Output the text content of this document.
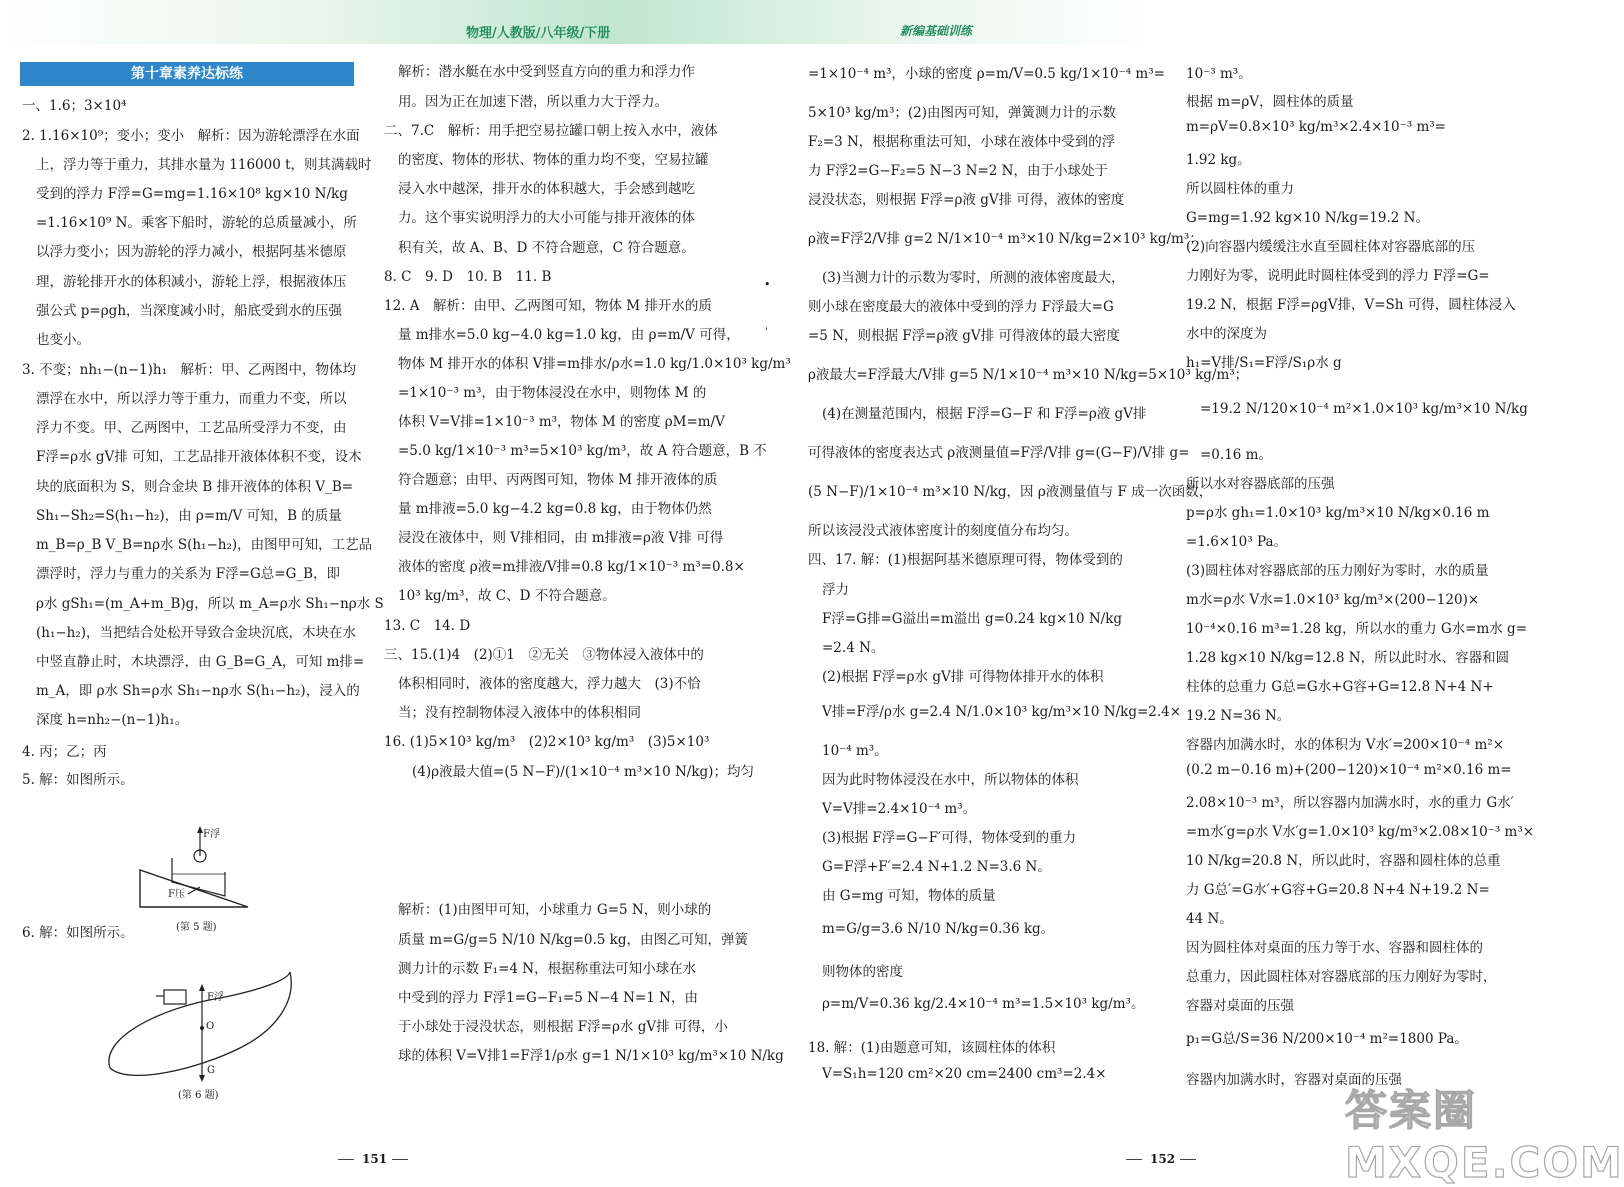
物理/人教版/八年级/下册	新编基础训练
第十章素养达标练

一、1.6；3×10⁴

2. 1.16×10⁹；变小；变小　解析：因为游轮漂浮在水面

上，浮力等于重力，其排水量为 116000 t，则其满载时

受到的浮力 F浮=G=mg=1.16×10⁸ kg×10 N/kg

=1.16×10⁹ N。乘客下船时，游轮的总质量减小，所

以浮力变小；因为游轮的浮力减小，根据阿基米德原

理，游轮排开水的体积减小，游轮上浮，根据液体压

强公式 p=ρgh，当深度减小时，船底受到水的压强

也变小。

3. 不变；nh₁−(n−1)h₁　解析：甲、乙两图中，物体均

漂浮在水中，所以浮力等于重力，而重力不变，所以

浮力不变。甲、乙两图中，工艺品所受浮力不变，由

F浮=ρ水 gV排 可知，工艺品排开液体体积不变，设木

块的底面积为 S，则合金块 B 排开液体的体积 V_B=

Sh₁−Sh₂=S(h₁−h₂)，由 ρ=m/V 可知，B 的质量

m_B=ρ_B V_B=nρ水 S(h₁−h₂)，由图甲可知，工艺品

漂浮时，浮力与重力的关系为 F浮=G总=G_B，即

ρ水 gSh₁=(m_A+m_B)g，所以 m_A=ρ水 Sh₁−nρ水 S

(h₁−h₂)，当把结合处松开导致合金块沉底，木块在水

中竖直静止时，木块漂浮，由 G_B=G_A，可知 m排=

m_A，即 ρ水 Sh=ρ水 Sh₁−nρ水 S(h₁−h₂)，浸入的

深度 h=nh₂−(n−1)h₁。

4. 丙；乙；丙

5. 解：如图所示。

6. 解：如图所示。

解析：潜水艇在水中受到竖直方向的重力和浮力作

用。因为正在加速下潜，所以重力大于浮力。

二、7.C　解析：用手把空易拉罐口朝上按入水中，液体

的密度、物体的形状、物体的重力均不变，空易拉罐

浸入水中越深，排开水的体积越大，手会感到越吃

力。这个事实说明浮力的大小可能与排开液体的体

积有关，故 A、B、D 不符合题意，C 符合题意。

8. C　9. D　10. B　11. B

12. A　解析：由甲、乙两图可知，物体 M 排开水的质

量 m排水=5.0 kg−4.0 kg=1.0 kg，由 ρ=m/V 可得，

物体 M 排开水的体积 V排=m排水/ρ水=1.0 kg/1.0×10³ kg/m³

=1×10⁻³ m³，由于物体浸没在水中，则物体 M 的

体积 V=V排=1×10⁻³ m³，物体 M 的密度 ρM=m/V

=5.0 kg/1×10⁻³ m³=5×10³ kg/m³，故 A 符合题意，B 不

符合题意；由甲、丙两图可知，物体 M 排开液体的质

量 m排液=5.0 kg−4.2 kg=0.8 kg，由于物体仍然

浸没在液体中，则 V排相同，由 m排液=ρ液 V排 可得

液体的密度 ρ液=m排液/V排=0.8 kg/1×10⁻³ m³=0.8×

10³ kg/m³，故 C、D 不符合题意。

13. C　14. D

三、15.(1)4　(2)①1　②无关　③物体浸入液体中的

体积相同时，液体的密度越大，浮力越大　(3)不恰

当；没有控制物体浸入液体中的体积相同

16. (1)5×10³ kg/m³　(2)2×10³ kg/m³　(3)5×10³

(4)ρ液最大值=(5 N−F)/(1×10⁻⁴ m³×10 N/kg)；均匀

解析：(1)由图甲可知，小球重力 G=5 N，则小球的

质量 m=G/g=5 N/10 N/kg=0.5 kg，由图乙可知，弹簧

测力计的示数 F₁=4 N，根据称重法可知小球在水

中受到的浮力 F浮1=G−F₁=5 N−4 N=1 N，由

于小球处于浸没状态，则根据 F浮=ρ水 gV排 可得，小

球的体积 V=V排1=F浮1/ρ水 g=1 N/1×10³ kg/m³×10 N/kg

=1×10⁻⁴ m³，小球的密度 ρ=m/V=0.5 kg/1×10⁻⁴ m³=

5×10³ kg/m³；(2)由图丙可知，弹簧测力计的示数

F₂=3 N，根据称重法可知，小球在液体中受到的浮

力 F浮2=G−F₂=5 N−3 N=2 N，由于小球处于

浸没状态，则根据 F浮=ρ液 gV排 可得，液体的密度

ρ液=F浮2/V排 g=2 N/1×10⁻⁴ m³×10 N/kg=2×10³ kg/m³；

(3)当测力计的示数为零时，所测的液体密度最大，

则小球在密度最大的液体中受到的浮力 F浮最大=G

=5 N，则根据 F浮=ρ液 gV排 可得液体的最大密度

ρ液最大=F浮最大/V排 g=5 N/1×10⁻⁴ m³×10 N/kg=5×10³ kg/m³；

(4)在测量范围内，根据 F浮=G−F 和 F浮=ρ液 gV排

可得液体的密度表达式 ρ液测量值=F浮/V排 g=(G−F)/V排 g=

(5 N−F)/1×10⁻⁴ m³×10 N/kg，因 ρ液测量值与 F 成一次函数，

所以该浸没式液体密度计的刻度值分布均匀。

四、17. 解：(1)根据阿基米德原理可得，物体受到的

浮力

F浮=G排=G溢出=m溢出 g=0.24 kg×10 N/kg

=2.4 N。

(2)根据 F浮=ρ水 gV排 可得物体排开水的体积

V排=F浮/ρ水 g=2.4 N/1.0×10³ kg/m³×10 N/kg=2.4×

10⁻⁴ m³。

因为此时物体浸没在水中，所以物体的体积

V=V排=2.4×10⁻⁴ m³。

(3)根据 F浮=G−F′可得，物体受到的重力

G=F浮+F′=2.4 N+1.2 N=3.6 N。

由 G=mg 可知，物体的质量

m=G/g=3.6 N/10 N/kg=0.36 kg。

则物体的密度

ρ=m/V=0.36 kg/2.4×10⁻⁴ m³=1.5×10³ kg/m³。

18. 解：(1)由题意可知，该圆柱体的体积

V=S₁h=120 cm²×20 cm=2400 cm³=2.4×

10⁻³ m³。

根据 m=ρV，圆柱体的质量

m=ρV=0.8×10³ kg/m³×2.4×10⁻³ m³=

1.92 kg。

所以圆柱体的重力

G=mg=1.92 kg×10 N/kg=19.2 N。

(2)向容器内缓缓注水直至圆柱体对容器底部的压

力刚好为零，说明此时圆柱体受到的浮力 F浮=G=

19.2 N，根据 F浮=ρgV排，V=Sh 可得，圆柱体浸入

水中的深度为

h₁=V排/S₁=F浮/S₁ρ水 g

=19.2 N/120×10⁻⁴ m²×1.0×10³ kg/m³×10 N/kg

=0.16 m。

所以水对容器底部的压强

p=ρ水 gh₁=1.0×10³ kg/m³×10 N/kg×0.16 m

=1.6×10³ Pa。

(3)圆柱体对容器底部的压力刚好为零时，水的质量

m水=ρ水 V水=1.0×10³ kg/m³×(200−120)×

10⁻⁴×0.16 m³=1.28 kg，所以水的重力 G水=m水 g=

1.28 kg×10 N/kg=12.8 N，所以此时水、容器和圆

柱体的总重力 G总=G水+G容+G=12.8 N+4 N+

19.2 N=36 N。

容器内加满水时，水的体积为 V水′=200×10⁻⁴ m²×

(0.2 m−0.16 m)+(200−120)×10⁻⁴ m²×0.16 m=

2.08×10⁻³ m³，所以容器内加满水时，水的重力 G水′

=m水′g=ρ水 V水′g=1.0×10³ kg/m³×2.08×10⁻³ m³×

10 N/kg=20.8 N，所以此时，容器和圆柱体的总重

力 G总′=G水′+G容+G=20.8 N+4 N+19.2 N=

44 N。

因为圆柱体对桌面的压力等于水、容器和圆柱体的

总重力，因此圆柱体对容器底部的压力刚好为零时，

容器对桌面的压强

p₁=G总/S=36 N/200×10⁻⁴ m²=1800 Pa。

容器内加满水时，容器对桌面的压强

F浮
F压
(第 5 题)
F浮
O
G
(第 6 题)
151	152
•
ˈ
答案圈 MXQE.COM
